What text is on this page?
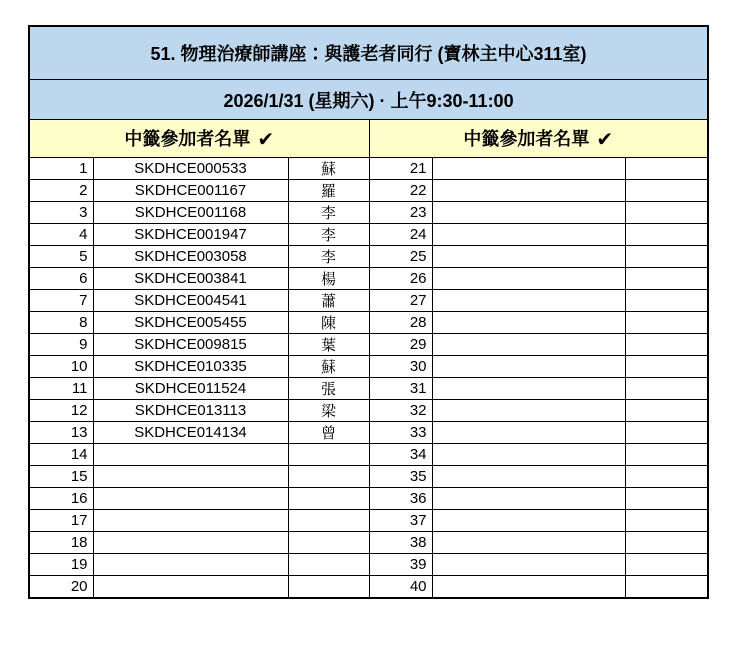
51. 物理治療師講座：與護老者同行 (寶林主中心311室)					
2026/1/31 (星期六) · 上午9:30-11:00					
中籤參加者名單 ✔			中籤參加者名單 ✔		
1	SKDHCE000533	蘇	21		
2	SKDHCE001167	羅	22		
3	SKDHCE001168	李	23		
4	SKDHCE001947	李	24		
5	SKDHCE003058	李	25		
6	SKDHCE003841	楊	26		
7	SKDHCE004541	蕭	27		
8	SKDHCE005455	陳	28		
9	SKDHCE009815	葉	29		
10	SKDHCE010335	蘇	30		
11	SKDHCE011524	張	31		
12	SKDHCE013113	梁	32		
13	SKDHCE014134	曾	33		
14			34		
15			35		
16			36		
17			37		
18			38		
19			39		
20			40		
